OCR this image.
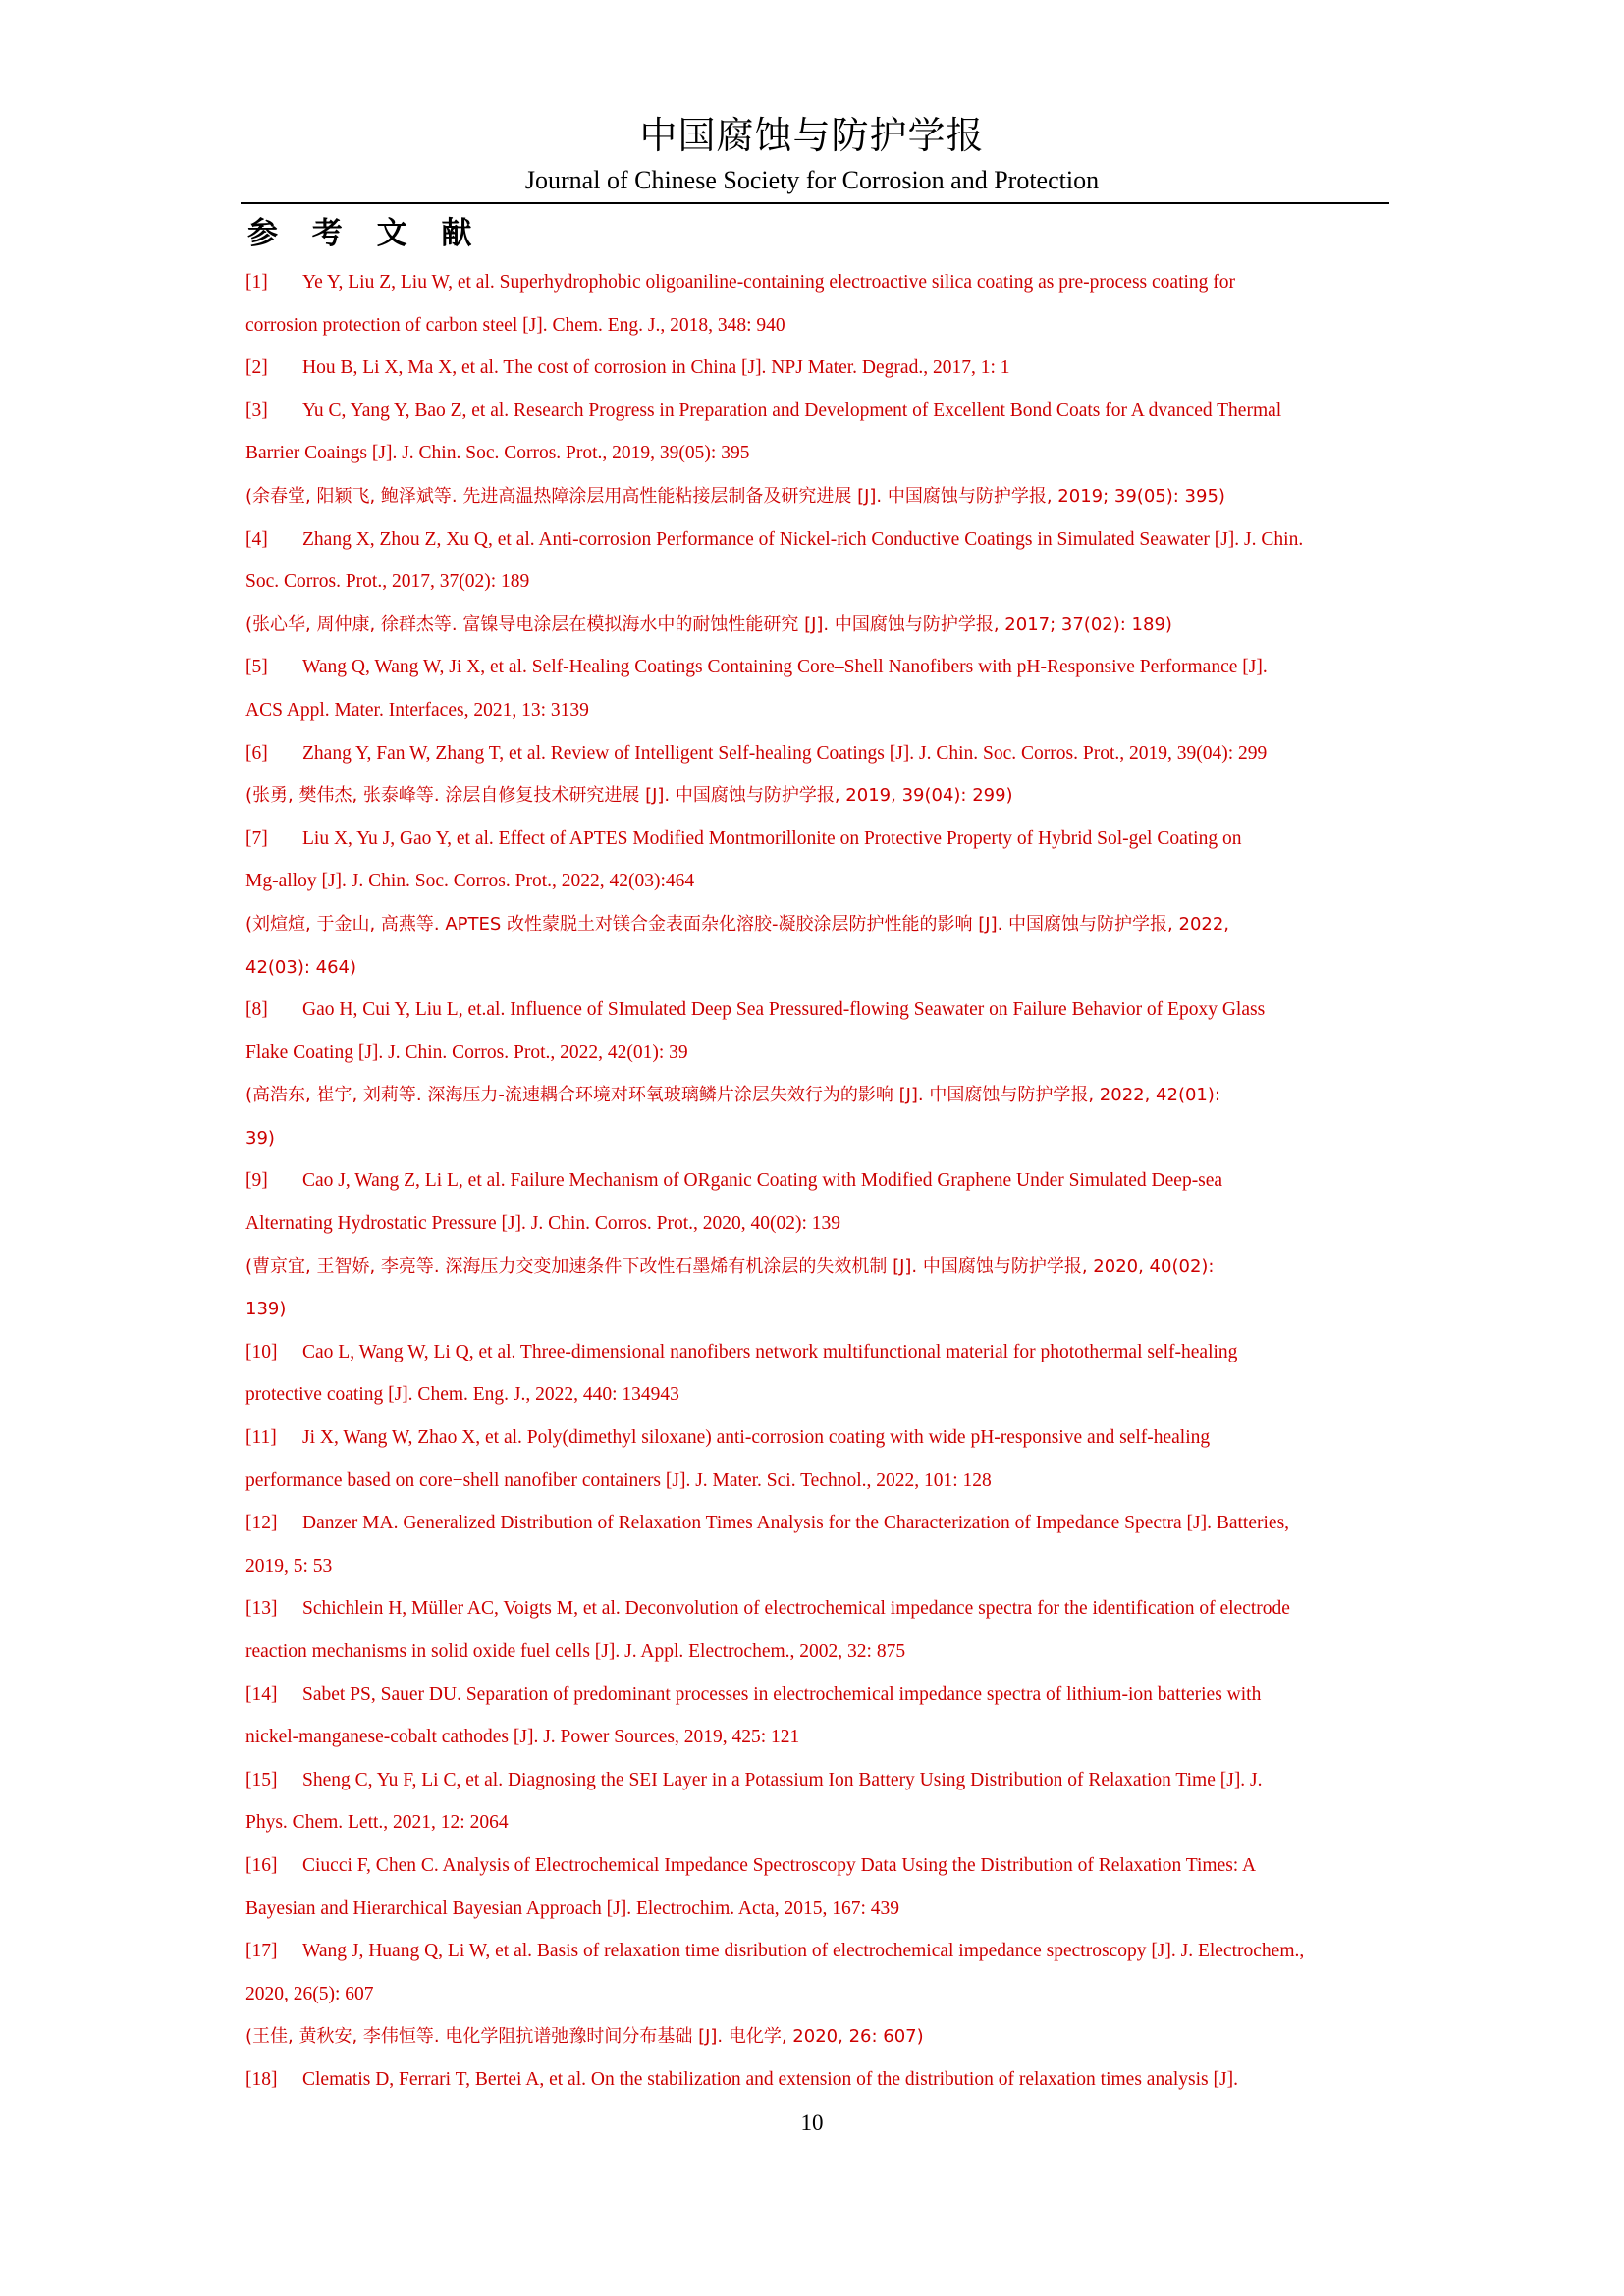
中国腐蚀与防护学报
Journal of Chinese Society for Corrosion and Protection
参 考 文 献
[1] Ye Y, Liu Z, Liu W, et al. Superhydrophobic oligoaniline-containing electroactive silica coating as pre-process coating for
corrosion protection of carbon steel [J]. Chem. Eng. J., 2018, 348: 940
[2] Hou B, Li X, Ma X, et al. The cost of corrosion in China [J]. NPJ Mater. Degrad., 2017, 1: 1
[3] Yu C, Yang Y, Bao Z, et al. Research Progress in Preparation and Development of Excellent Bond Coats for A dvanced Thermal
Barrier Coaings [J]. J. Chin. Soc. Corros. Prot., 2019, 39(05): 395
(余春堂, 阳颖飞, 鲍泽斌等. 先进高温热障涂层用高性能粘接层制备及研究进展 [J]. 中国腐蚀与防护学报, 2019; 39(05): 395)
[4] Zhang X, Zhou Z, Xu Q, et al. Anti-corrosion Performance of Nickel-rich Conductive Coatings in Simulated Seawater [J]. J. Chin.
Soc. Corros. Prot., 2017, 37(02): 189
(张心华, 周仲康, 徐群杰等. 富镍导电涂层在模拟海水中的耐蚀性能研究 [J]. 中国腐蚀与防护学报, 2017; 37(02): 189)
[5] Wang Q, Wang W, Ji X, et al. Self-Healing Coatings Containing Core–Shell Nanofibers with pH-Responsive Performance [J].
ACS Appl. Mater. Interfaces, 2021, 13: 3139
[6] Zhang Y, Fan W, Zhang T, et al. Review of Intelligent Self-healing Coatings [J]. J. Chin. Soc. Corros. Prot., 2019, 39(04): 299
(张勇, 樊伟杰, 张泰峰等. 涂层自修复技术研究进展 [J]. 中国腐蚀与防护学报, 2019, 39(04): 299)
[7] Liu X, Yu J, Gao Y, et al. Effect of APTES Modified Montmorillonite on Protective Property of Hybrid Sol-gel Coating on
Mg-alloy [J]. J. Chin. Soc. Corros. Prot., 2022, 42(03):464
(刘煊煊, 于金山, 高燕等. APTES 改性蒙脱土对镁合金表面杂化溶胶-凝胶涂层防护性能的影响 [J]. 中国腐蚀与防护学报, 2022,
42(03): 464)
[8] Gao H, Cui Y, Liu L, et.al. Influence of SImulated Deep Sea Pressured-flowing Seawater on Failure Behavior of Epoxy Glass
Flake Coating [J]. J. Chin. Corros. Prot., 2022, 42(01): 39
(高浩东, 崔宇, 刘莉等. 深海压力-流速耦合环境对环氧玻璃鳞片涂层失效行为的影响 [J]. 中国腐蚀与防护学报, 2022, 42(01):
39)
[9] Cao J, Wang Z, Li L, et al. Failure Mechanism of ORganic Coating with Modified Graphene Under Simulated Deep-sea
Alternating Hydrostatic Pressure [J]. J. Chin. Corros. Prot., 2020, 40(02): 139
(曹京宜, 王智娇, 李亮等. 深海压力交变加速条件下改性石墨烯有机涂层的失效机制 [J]. 中国腐蚀与防护学报, 2020, 40(02):
139)
[10] Cao L, Wang W, Li Q, et al. Three-dimensional nanofibers network multifunctional material for photothermal self-healing
protective coating [J]. Chem. Eng. J., 2022, 440: 134943
[11] Ji X, Wang W, Zhao X, et al. Poly(dimethyl siloxane) anti-corrosion coating with wide pH-responsive and self-healing
performance based on core−shell nanofiber containers [J]. J. Mater. Sci. Technol., 2022, 101: 128
[12] Danzer MA. Generalized Distribution of Relaxation Times Analysis for the Characterization of Impedance Spectra [J]. Batteries,
2019, 5: 53
[13] Schichlein H, Müller AC, Voigts M, et al. Deconvolution of electrochemical impedance spectra for the identification of electrode
reaction mechanisms in solid oxide fuel cells [J]. J. Appl. Electrochem., 2002, 32: 875
[14] Sabet PS, Sauer DU. Separation of predominant processes in electrochemical impedance spectra of lithium-ion batteries with
nickel-manganese-cobalt cathodes [J]. J. Power Sources, 2019, 425: 121
[15] Sheng C, Yu F, Li C, et al. Diagnosing the SEI Layer in a Potassium Ion Battery Using Distribution of Relaxation Time [J]. J.
Phys. Chem. Lett., 2021, 12: 2064
[16] Ciucci F, Chen C. Analysis of Electrochemical Impedance Spectroscopy Data Using the Distribution of Relaxation Times: A
Bayesian and Hierarchical Bayesian Approach [J]. Electrochim. Acta, 2015, 167: 439
[17] Wang J, Huang Q, Li W, et al. Basis of relaxation time disribution of electrochemical impedance spectroscopy [J]. J. Electrochem.,
2020, 26(5): 607
(王佳, 黄秋安, 李伟恒等. 电化学阻抗谱弛豫时间分布基础 [J]. 电化学, 2020, 26: 607)
[18] Clematis D, Ferrari T, Bertei A, et al. On the stabilization and extension of the distribution of relaxation times analysis [J].
10
